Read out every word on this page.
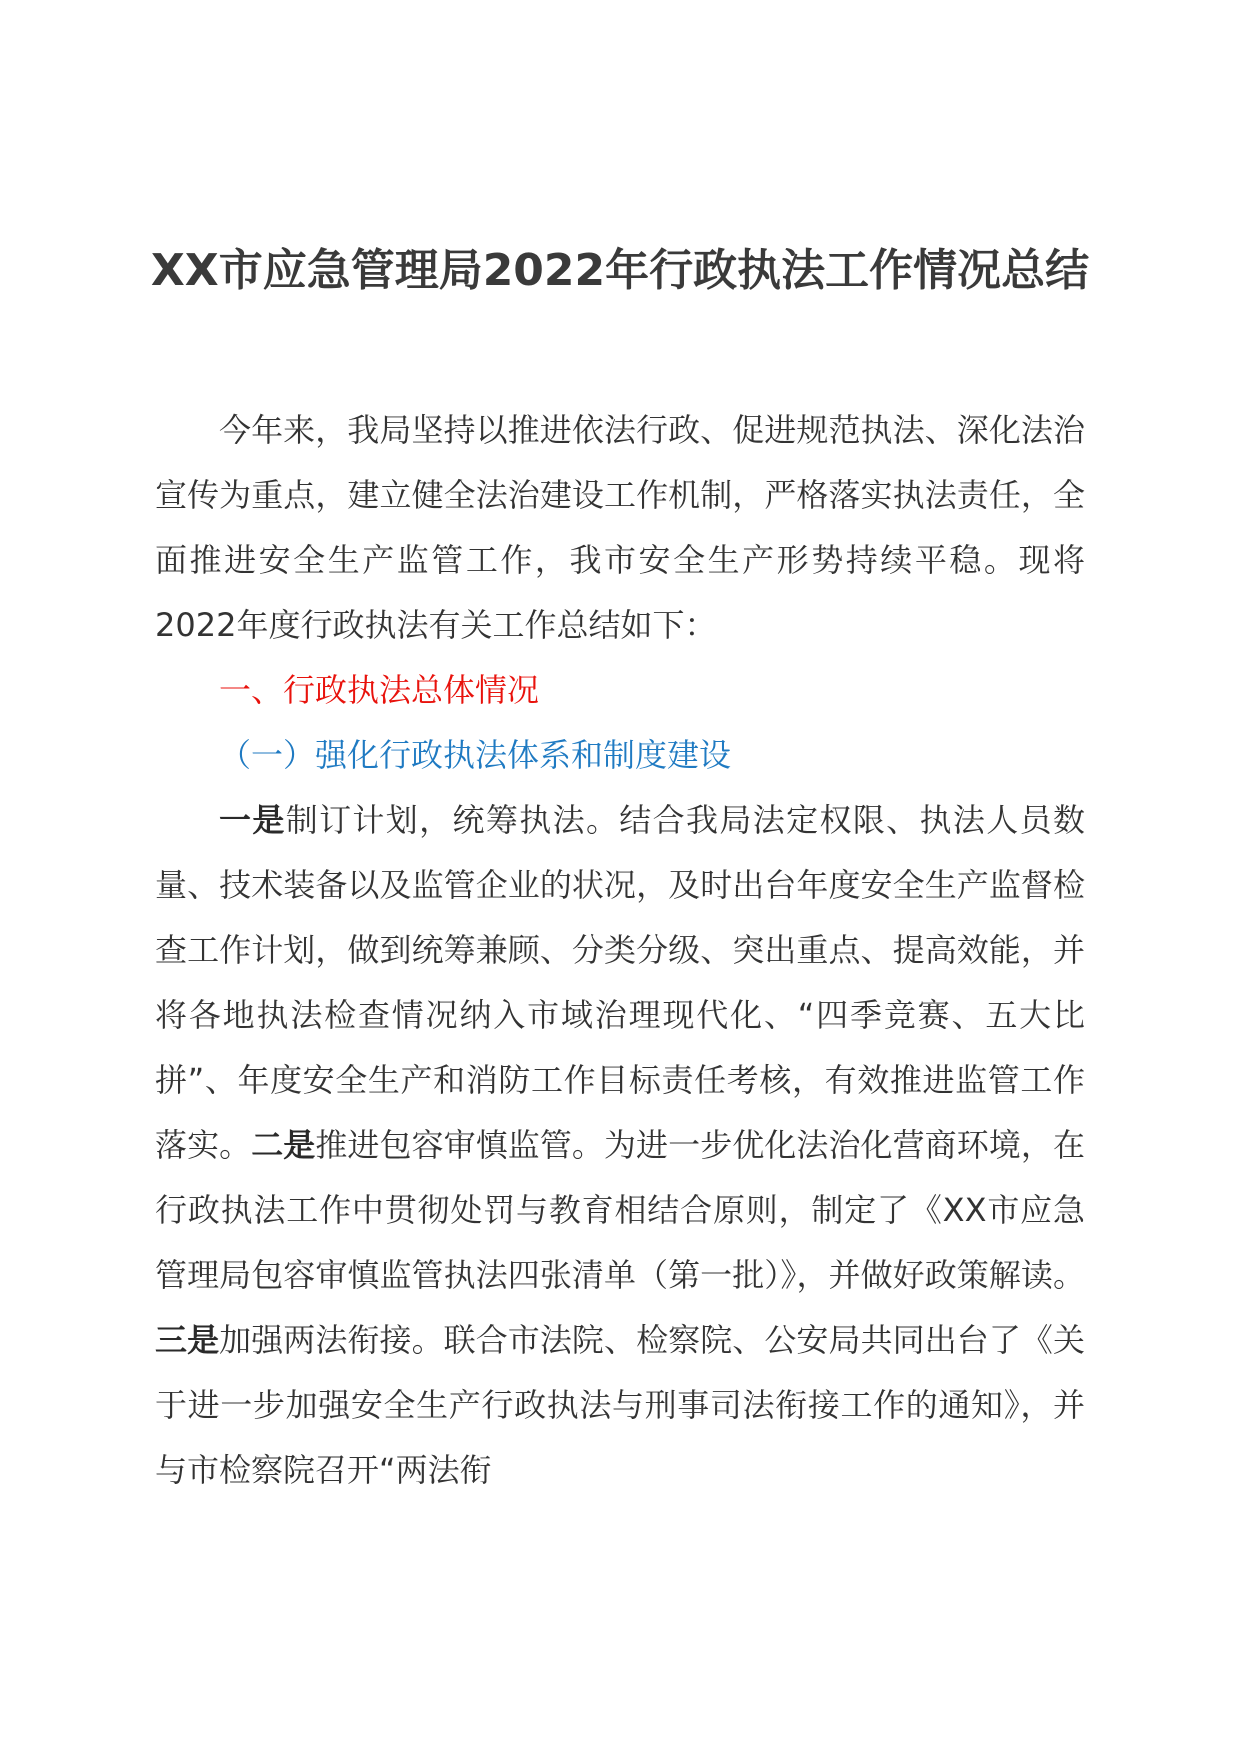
XX市应急管理局2022年行政执法工作情况总结

今年来，我局坚持以推进依法行政、促进规范执法、深化法治宣传为重点，建立健全法治建设工作机制，严格落实执法责任，全面推进安全生产监管工作，我市安全生产形势持续平稳。现将2022年度行政执法有关工作总结如下：

一、行政执法总体情况

（一）强化行政执法体系和制度建设

一是制订计划，统筹执法。结合我局法定权限、执法人员数量、技术装备以及监管企业的状况，及时出台年度安全生产监督检查工作计划，做到统筹兼顾、分类分级、突出重点、提高效能，并将各地执法检查情况纳入市域治理现代化、“四季竞赛、五大比拼”、年度安全生产和消防工作目标责任考核，有效推进监管工作落实。二是推进包容审慎监管。为进一步优化法治化营商环境，在行政执法工作中贯彻处罚与教育相结合原则，制定了《XX市应急管理局包容审慎监管执法四张清单（第一批）》，并做好政策解读。三是加强两法衔接。联合市法院、检察院、公安局共同出台了《关于进一步加强安全生产行政执法与刑事司法衔接工作的通知》，并与市检察院召开“两法衔
